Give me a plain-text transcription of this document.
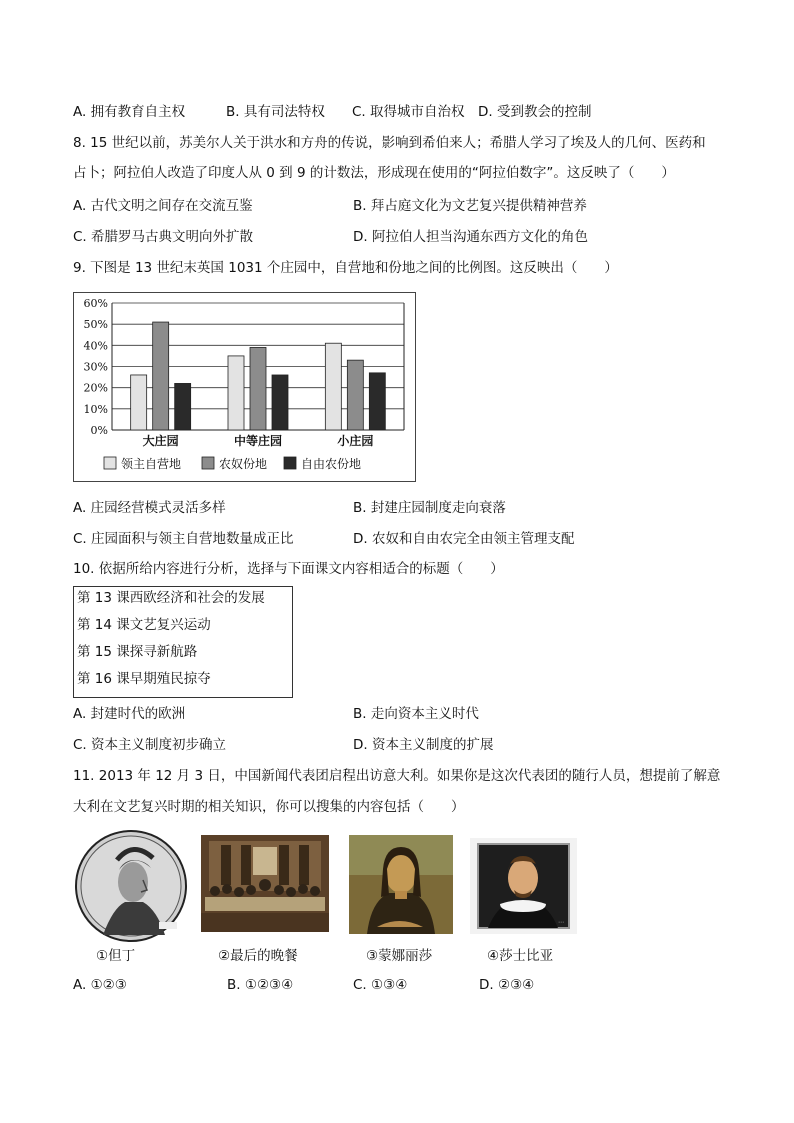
A. 拥有教育自主权	B. 具有司法特权 C. 取得城市自治权 D. 受到教会的控制
8. 15 世纪以前，苏美尔人关于洪水和方舟的传说，影响到希伯来人；希腊人学习了埃及人的几何、医药和
占卜；阿拉伯人改造了印度人从 0 到 9 的计数法，形成现在使用的“阿拉伯数字”。这反映了（　　）
A. 古代文明之间存在交流互鉴	B. 拜占庭文化为文艺复兴提供精神营养
C. 希腊罗马古典文明向外扩散	D. 阿拉伯人担当沟通东西方文化的角色
9. 下图是 13 世纪末英国 1031 个庄园中，自营地和份地之间的比例图。这反映出（　　）
0%
10%
20%
30%
40%
50%
60%
大庄园	中等庄园	小庄园
领主自营地	农奴份地	自由农份地
A. 庄园经营模式灵活多样	B. 封建庄园制度走向衰落
C. 庄园面积与领主自营地数量成正比	D. 农奴和自由农完全由领主管理支配
10. 依据所给内容进行分析，选择与下面课文内容相适合的标题（　　）
第 13 课西欧经济和社会的发展
第 14 课文艺复兴运动
第 15 课探寻新航路
第 16 课早期殖民掠夺
A. 封建时代的欧洲	B. 走向资本主义时代
C. 资本主义制度初步确立	D. 资本主义制度的扩展
11. 2013 年 12 月 3 日，中国新闻代表团启程出访意大利。如果你是这次代表团的随行人员，想提前了解意
大利在文艺复兴时期的相关知识，你可以搜集的内容包括（　　）
①但丁	②最后的晚餐	③蒙娜丽莎
⋯
④莎士比亚
A. ①②③	B. ①②③④	C. ①③④	D. ②③④
